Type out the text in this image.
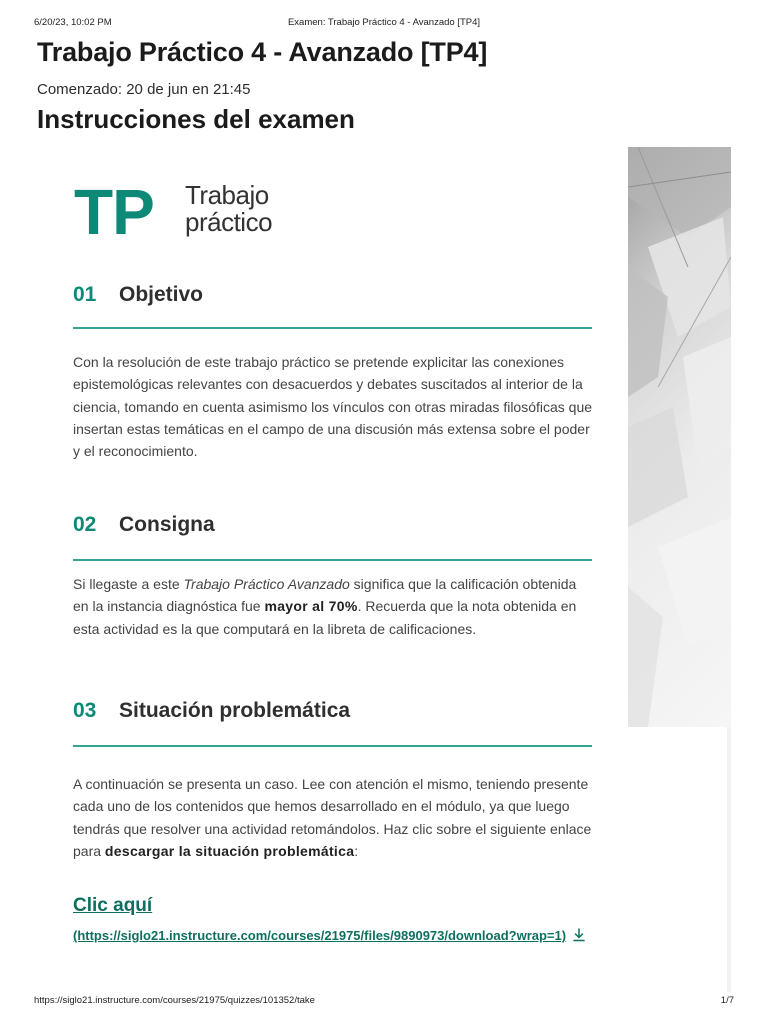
6/20/23, 10:02 PM	Examen: Trabajo Práctico 4 - Avanzado [TP4]
Trabajo Práctico 4 - Avanzado [TP4]
Comenzado: 20 de jun en 21:45
Instrucciones del examen
TP Trabajo
práctico
01 Objetivo

Con la resolución de este trabajo práctico se pretende explicitar las conexiones epistemológicas relevantes con desacuerdos y debates suscitados al interior de la ciencia, tomando en cuenta asimismo los vínculos con otras miradas filosóficas que insertan estas temáticas en el campo de una discusión más extensa sobre el poder y el reconocimiento.

02 Consigna

Si llegaste a este Trabajo Práctico Avanzado significa que la calificación obtenida en la instancia diagnóstica fue mayor al 70%. Recuerda que la nota obtenida en esta actividad es la que computará en la libreta de calificaciones.

03 Situación problemática

A continuación se presenta un caso. Lee con atención el mismo, teniendo presente cada uno de los contenidos que hemos desarrollado en el módulo, ya que luego tendrás que resolver una actividad retomándolos. Haz clic sobre el siguiente enlace para descargar la situación problemática:

Clic aquí

(https://siglo21.instructure.com/courses/21975/files/9890973/download?wrap=1)

https://siglo21.instructure.com/courses/21975/quizzes/101352/take	1/7
